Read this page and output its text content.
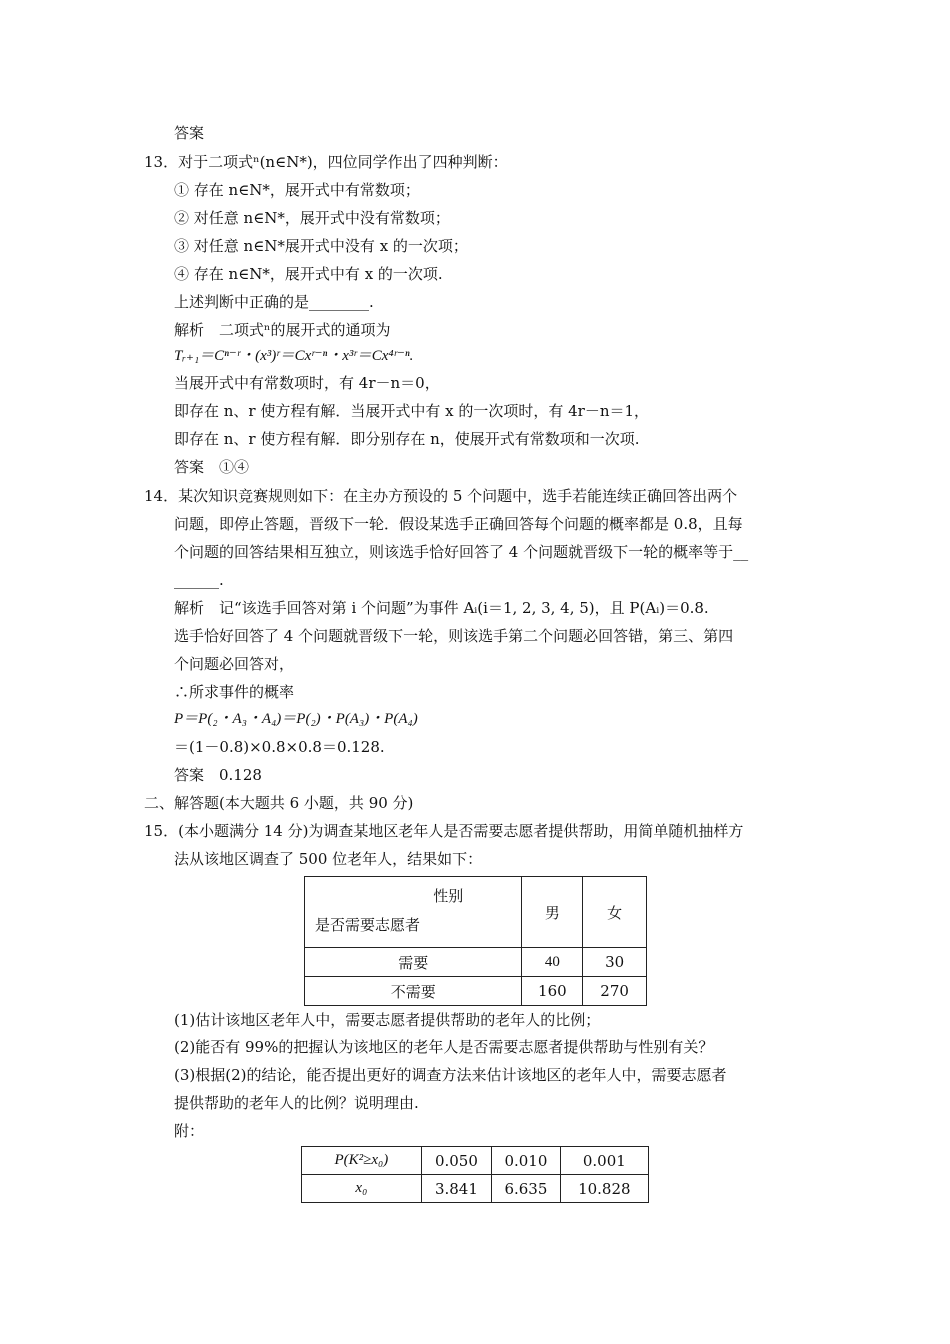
答案
13．对于二项式ⁿ(n∈N*)，四位同学作出了四种判断：
① 存在 n∈N*，展开式中有常数项；
② 对任意 n∈N*，展开式中没有常数项；
③ 对任意 n∈N*展开式中没有 x 的一次项；
④ 存在 n∈N*，展开式中有 x 的一次项.
上述判断中正确的是________.
解析　二项式ⁿ的展开式的通项为
Tᵣ₊₁＝Cⁿ⁻ʳ・(x³)ʳ＝Cxʳ⁻ⁿ・x³ʳ＝Cx⁴ʳ⁻ⁿ.
当展开式中有常数项时，有 4r－n＝0，
即存在 n、r 使方程有解．当展开式中有 x 的一次项时，有 4r－n＝1，
即存在 n、r 使方程有解．即分别存在 n，使展开式有常数项和一次项.
答案　①④
14．某次知识竞赛规则如下：在主办方预设的 5 个问题中，选手若能连续正确回答出两个
问题，即停止答题，晋级下一轮．假设某选手正确回答每个问题的概率都是 0.8，且每
个问题的回答结果相互独立，则该选手恰好回答了 4 个问题就晋级下一轮的概率等于__
______.
解析　记“该选手回答对第 i 个问题”为事件 Aᵢ(i＝1, 2, 3, 4, 5)，且 P(Aᵢ)＝0.8.
选手恰好回答了 4 个问题就晋级下一轮，则该选手第二个问题必回答错，第三、第四
个问题必回答对，
∴所求事件的概率
P＝P(₂・A₃・A₄)＝P(₂)・P(A₃)・P(A₄)
＝(1－0.8)×0.8×0.8＝0.128.
答案　0.128
二、解答题(本大题共 6 小题，共 90 分)
15．(本小题满分 14 分)为调查某地区老年人是否需要志愿者提供帮助，用简单随机抽样方
法从该地区调查了 500 位老年人，结果如下：
性别
是否需要志愿者	男	女
需要	40	30
不需要	160	270
(1)估计该地区老年人中，需要志愿者提供帮助的老年人的比例；
(2)能否有 99%的把握认为该地区的老年人是否需要志愿者提供帮助与性别有关？
(3)根据(2)的结论，能否提出更好的调查方法来估计该地区的老年人中，需要志愿者
提供帮助的老年人的比例？说明理由.
附：
P(K²≥x₀)	0.050	0.010	0.001
x₀	3.841	6.635	10.828
